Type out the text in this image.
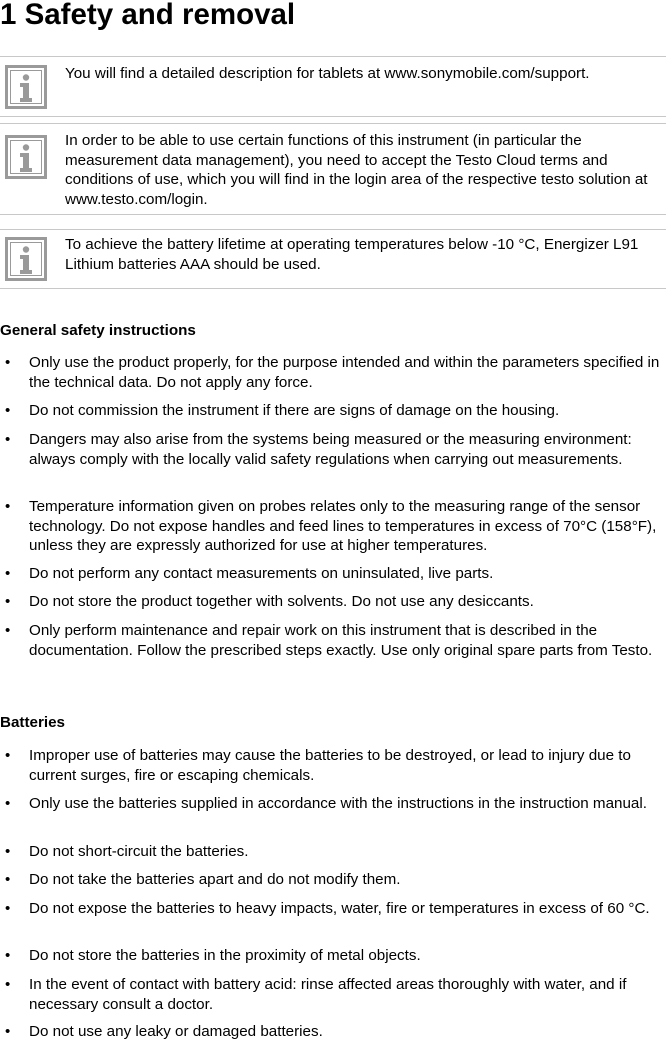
1 Safety and removal

You will find a detailed description for tablets at www.sonymobile.com/support.

In order to be able to use certain functions of this instrument (in particular the measurement data management), you need to accept the Testo Cloud terms and conditions of use, which you will find in the login area of the respective testo solution at www.testo.com/login.

To achieve the battery lifetime at operating temperatures below -10 °C, Energizer L91 Lithium batteries AAA should be used.

General safety instructions
• Only use the product properly, for the purpose intended and within the parameters specified in the technical data. Do not apply any force.

• Do not commission the instrument if there are signs of damage on the housing.

• Dangers may also arise from the systems being measured or the measuring environment: always comply with the locally valid safety regulations when carrying out measurements.

• Temperature information given on probes relates only to the measuring range of the sensor technology. Do not expose handles and feed lines to temperatures in excess of 70°C (158°F), unless they are expressly authorized for use at higher temperatures.

• Do not perform any contact measurements on uninsulated, live parts.

• Do not store the product together with solvents. Do not use any desiccants.

• Only perform maintenance and repair work on this instrument that is described in the documentation. Follow the prescribed steps exactly. Use only original spare parts from Testo.

Batteries
• Improper use of batteries may cause the batteries to be destroyed, or lead to injury due to current surges, fire or escaping chemicals.

• Only use the batteries supplied in accordance with the instructions in the instruction manual.

• Do not short-circuit the batteries.

• Do not take the batteries apart and do not modify them.

• Do not expose the batteries to heavy impacts, water, fire or temperatures in excess of 60 °C.

• Do not store the batteries in the proximity of metal objects.

• In the event of contact with battery acid: rinse affected areas thoroughly with water, and if necessary consult a doctor.

• Do not use any leaky or damaged batteries.
